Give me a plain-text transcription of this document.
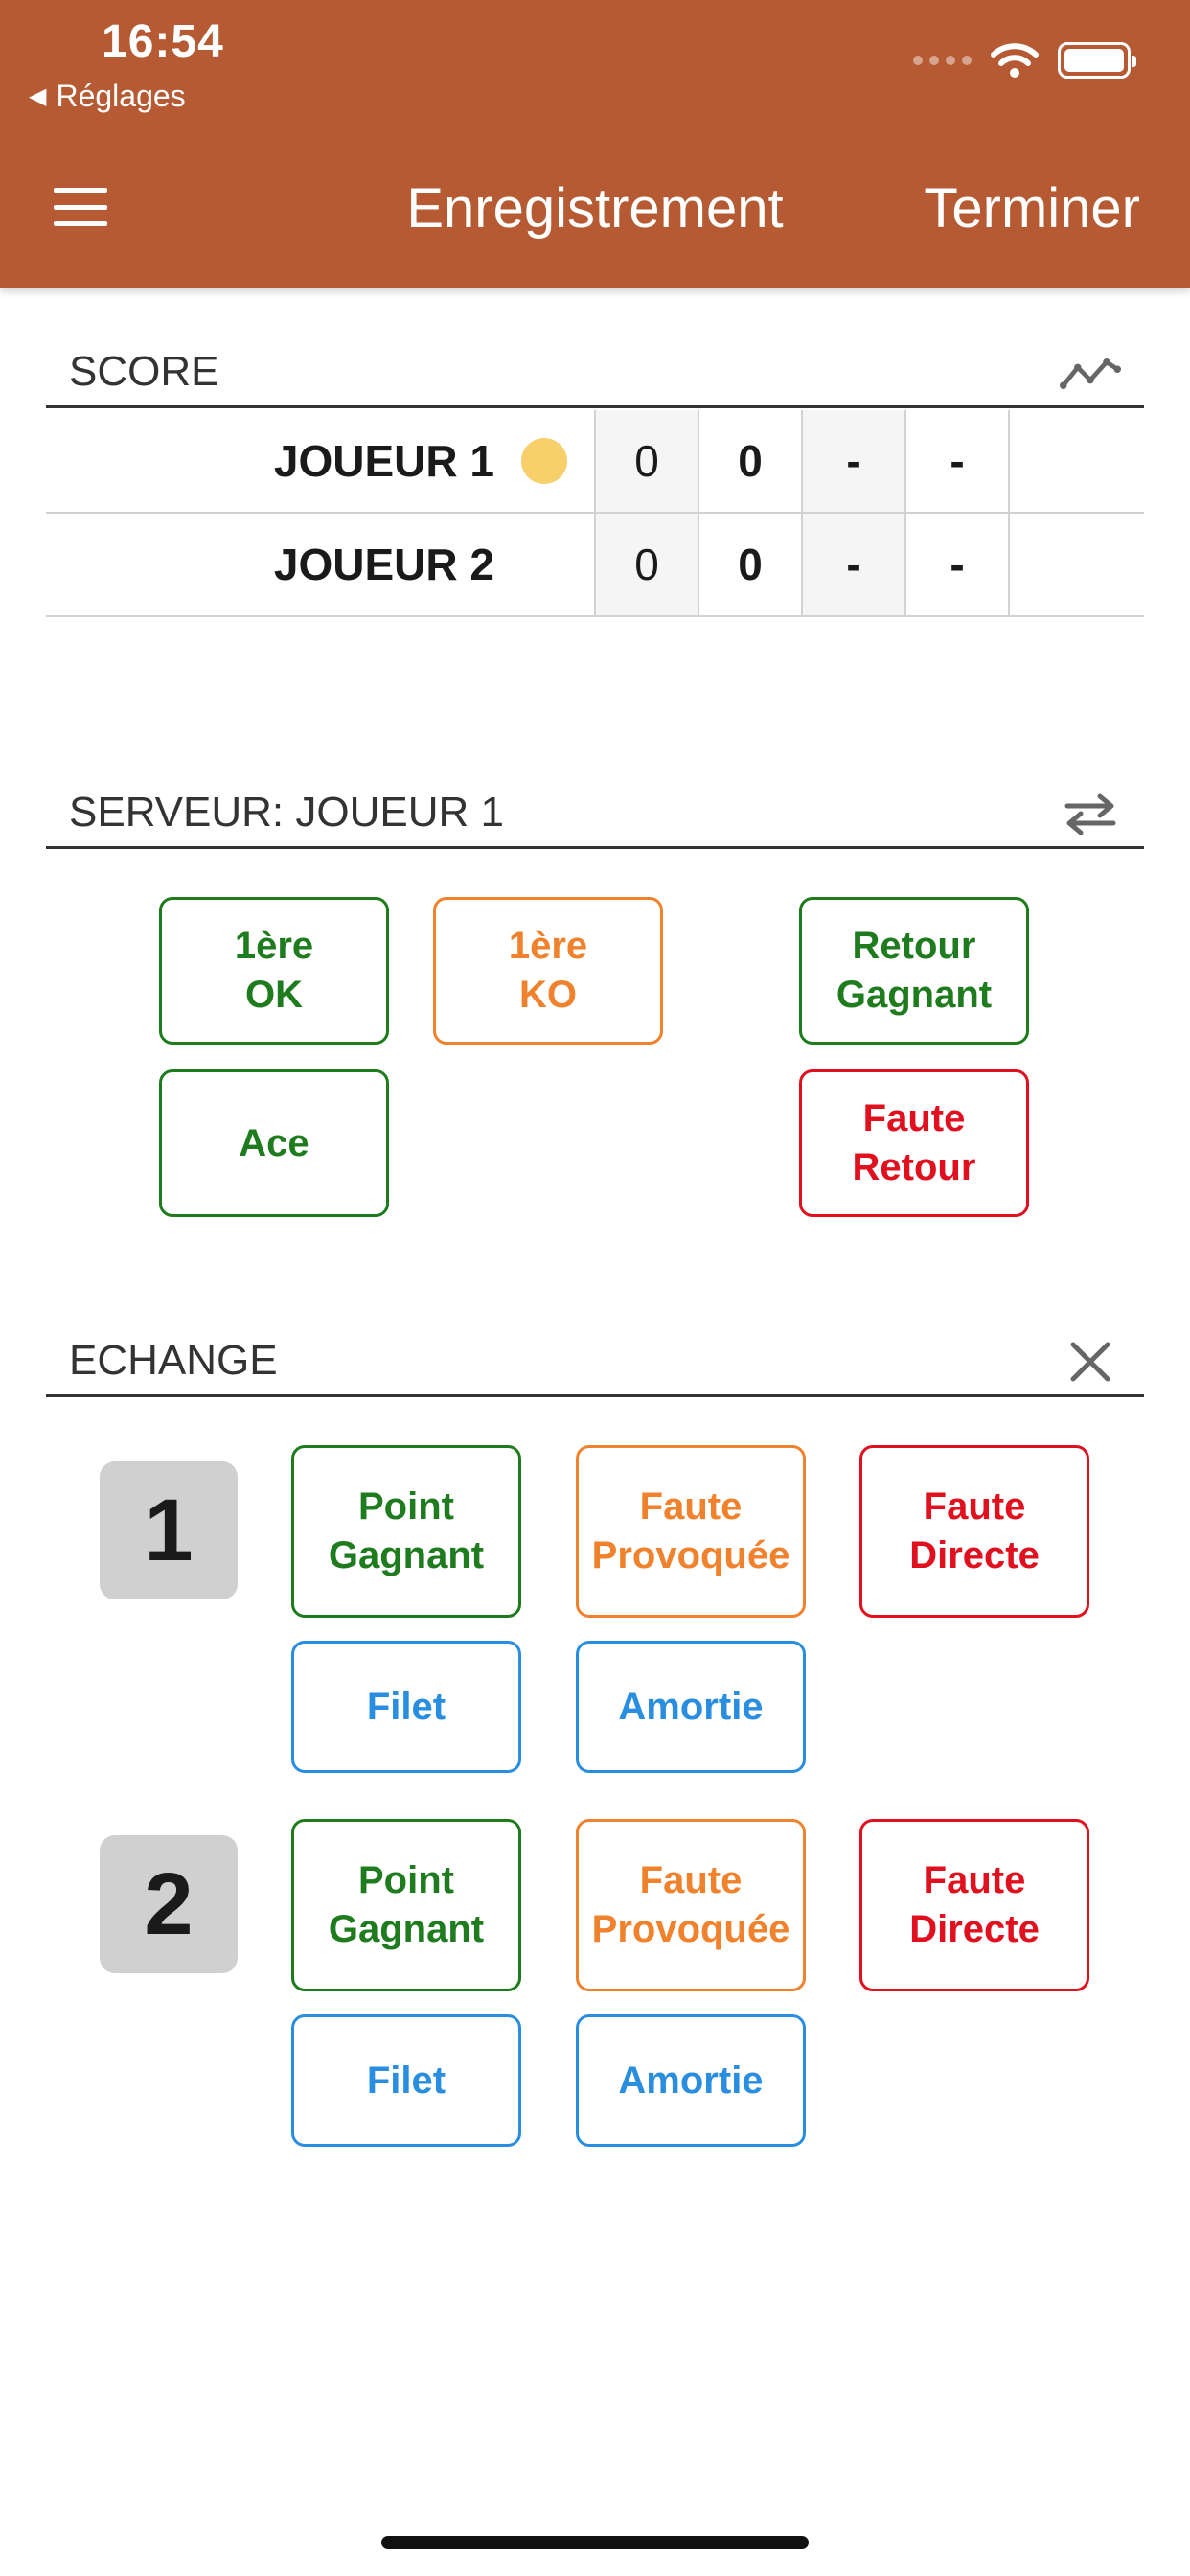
16:54
◀ Réglages
Enregistrement	Terminer
SCORE
JOUEUR 1	0	0	-	-
JOUEUR 2	0	0	-	-
SERVEUR: JOUEUR 1
1ère
OK
1ère
KO
Retour
Gagnant
Ace
Faute
Retour
ECHANGE
1	Point
Gagnant
Faute
Provoquée
Faute
Directe
Filet	Amortie
2	Point
Gagnant
Faute
Provoquée
Faute
Directe
Filet	Amortie
